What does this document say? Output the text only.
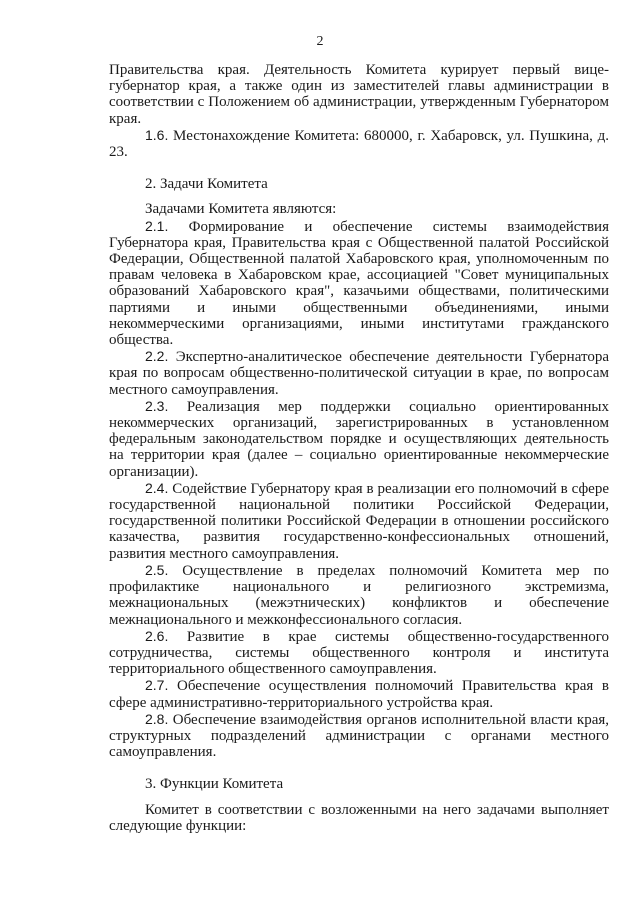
2

Правительства края. Деятельность Комитета курирует первый вице-губернатор края, а также один из заместителей главы администрации в соответствии с Положением об администрации, утвержденным Губернатором края.

1.6. Местонахождение Комитета: 680000, г. Хабаровск, ул. Пушкина, д. 23.

2. Задачи Комитета

Задачами Комитета являются:

2.1. Формирование и обеспечение системы взаимодействия Губернатора края, Правительства края с Общественной палатой Российской Федерации, Общественной палатой Хабаровского края, уполномоченным по правам человека в Хабаровском крае, ассоциацией "Совет муниципальных образований Хабаровского края", казачьими обществами, политическими партиями и иными общественными объединениями, иными некоммерческими организациями, иными институтами гражданского общества.

2.2. Экспертно-аналитическое обеспечение деятельности Губернатора края по вопросам общественно-политической ситуации в крае, по вопросам местного самоуправления.

2.3. Реализация мер поддержки социально ориентированных некоммерческих организаций, зарегистрированных в установленном федеральным законодательством порядке и осуществляющих деятельность на территории края (далее – социально ориентированные некоммерческие организации).

2.4. Содействие Губернатору края в реализации его полномочий в сфере государственной национальной политики Российской Федерации, государственной политики Российской Федерации в отношении российского казачества, развития государственно-конфессиональных отношений, развития местного самоуправления.

2.5. Осуществление в пределах полномочий Комитета мер по профилактике национального и религиозного экстремизма, межнациональных (межэтнических) конфликтов и обеспечение межнационального и межконфессионального согласия.

2.6. Развитие в крае системы общественно-государственного сотрудничества, системы общественного контроля и института территориального общественного самоуправления.

2.7. Обеспечение осуществления полномочий Правительства края в сфере административно-территориального устройства края.

2.8. Обеспечение взаимодействия органов исполнительной власти края, структурных подразделений администрации с органами местного самоуправления.

3. Функции Комитета

Комитет в соответствии с возложенными на него задачами выполняет следующие функции:
